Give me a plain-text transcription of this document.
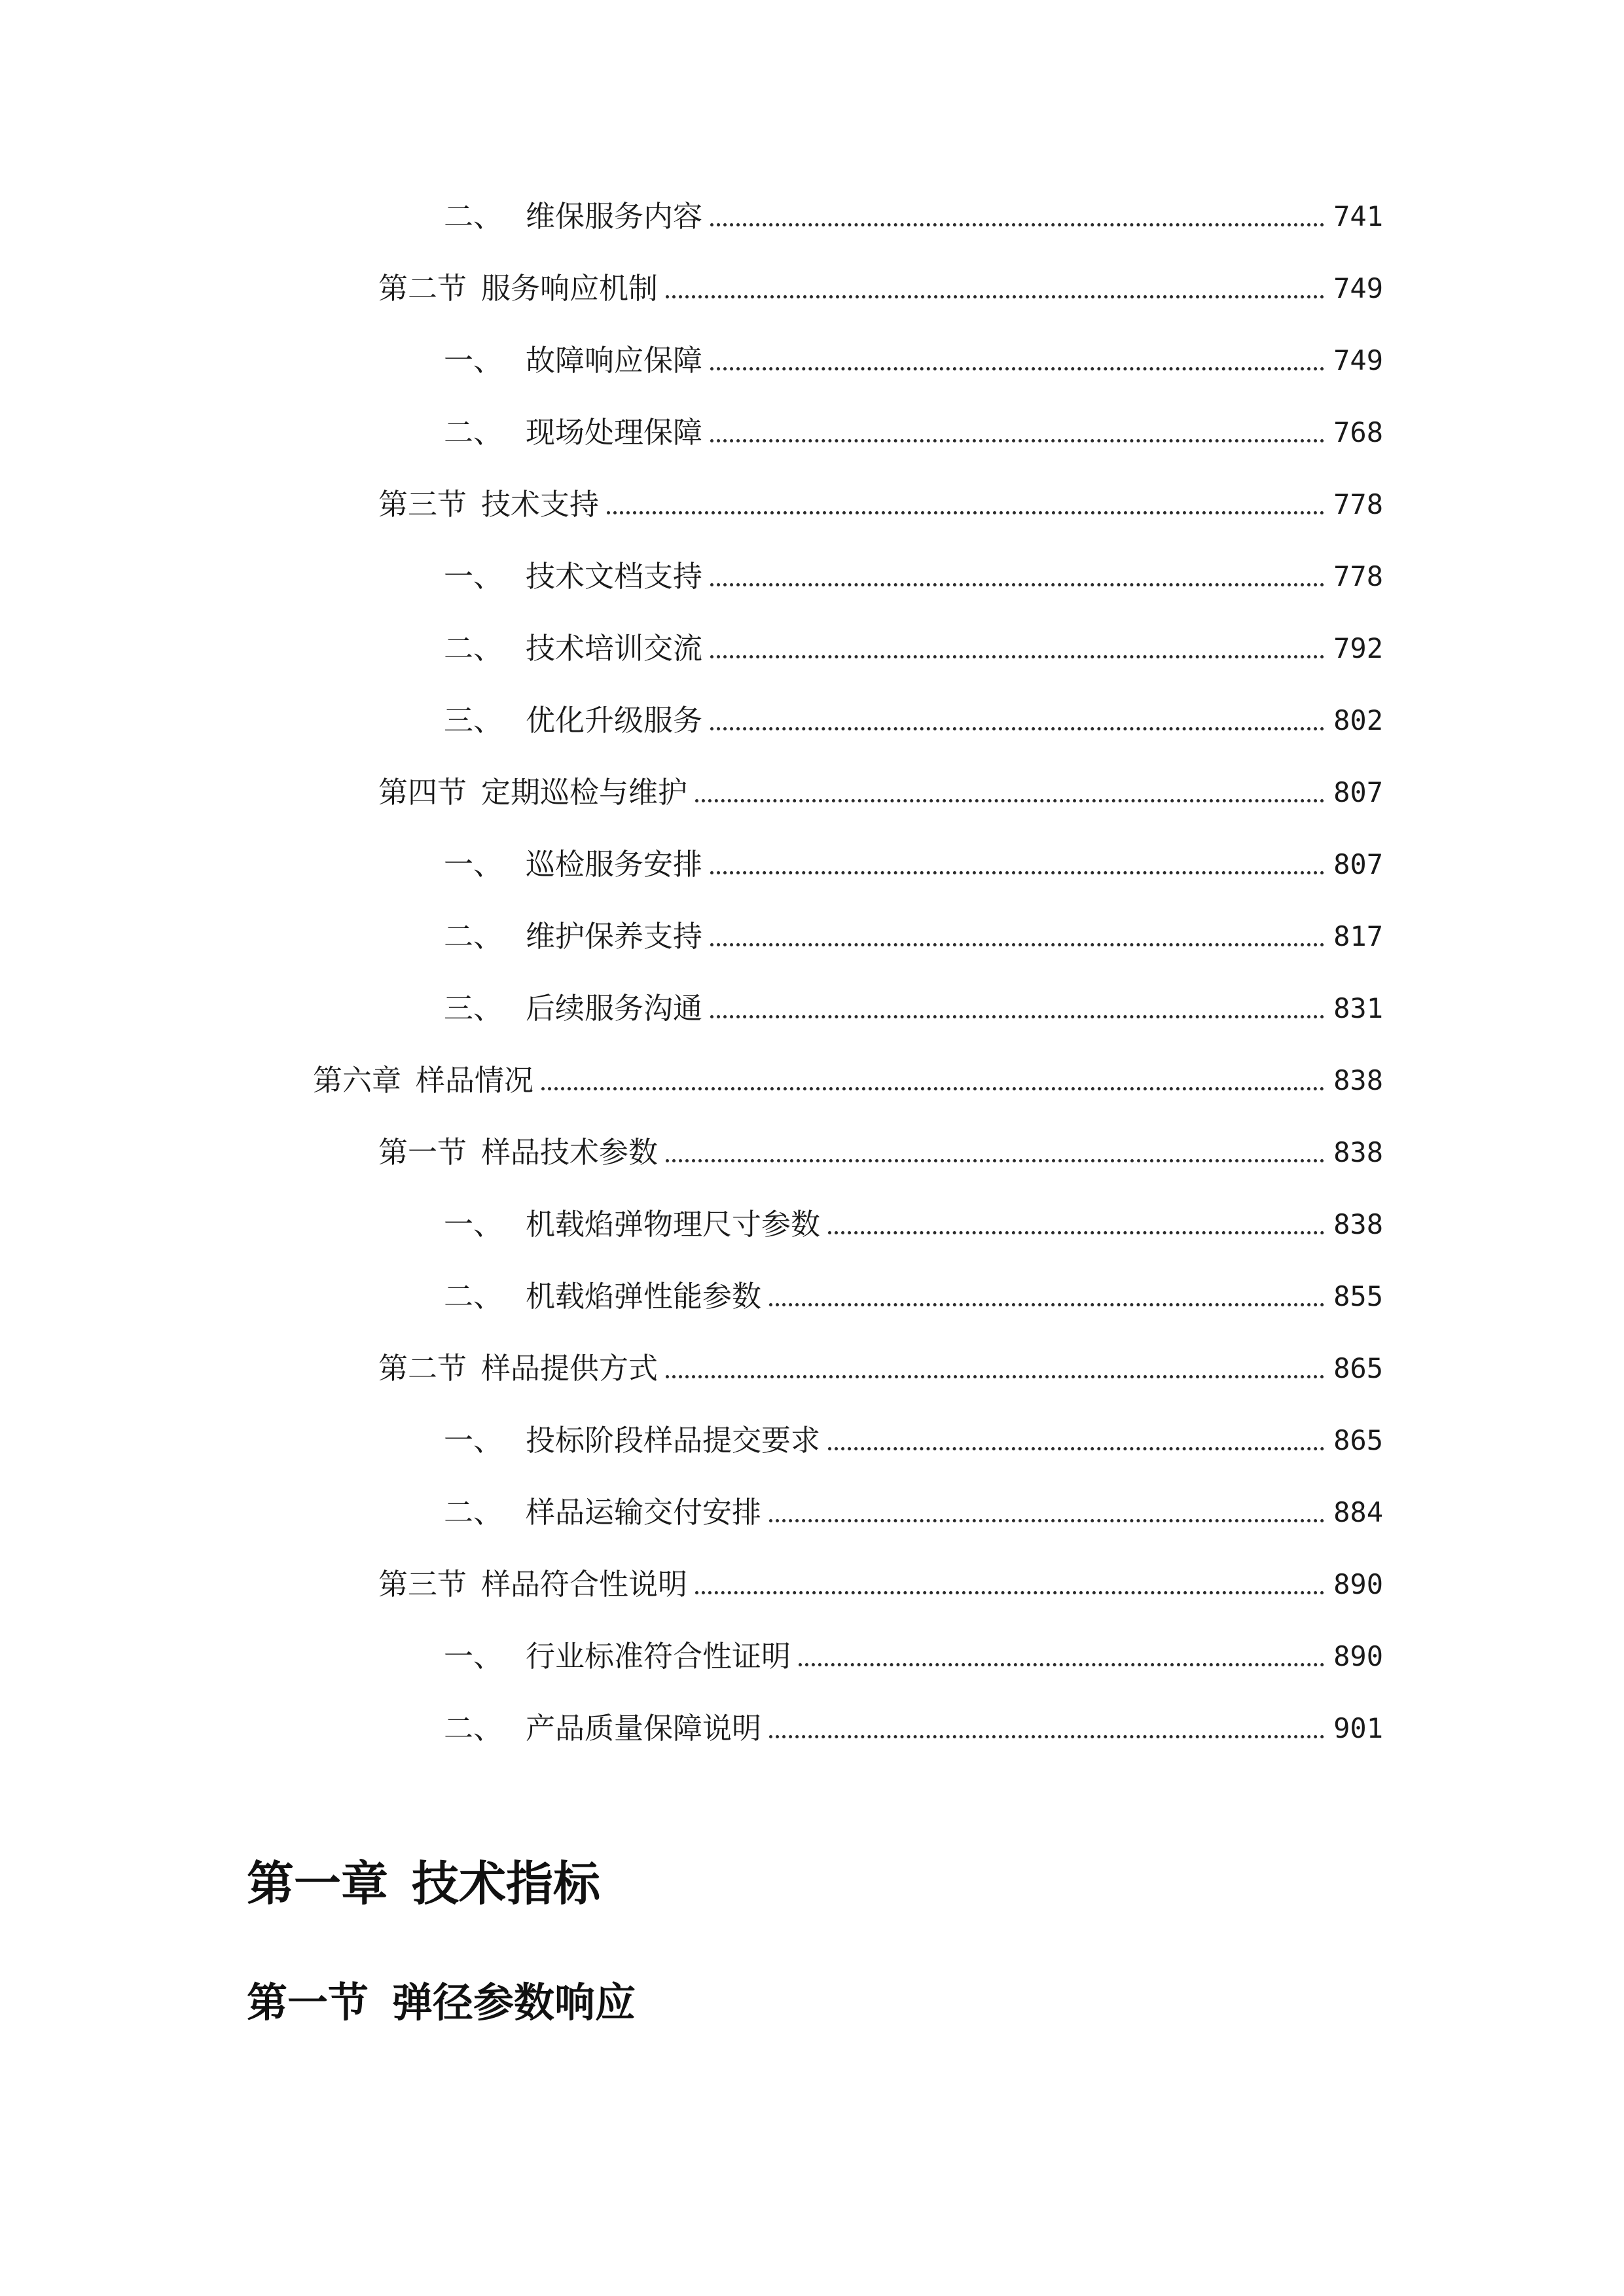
二、 维保服务内容	741
第二节 服务响应机制	749
一、 故障响应保障	749
二、 现场处理保障	768
第三节 技术支持	778
一、 技术文档支持	778
二、 技术培训交流	792
三、 优化升级服务	802
第四节 定期巡检与维护	807
一、 巡检服务安排	807
二、 维护保养支持	817
三、 后续服务沟通	831
第六章 样品情况	838
第一节 样品技术参数	838
一、 机载焰弹物理尺寸参数	838
二、 机载焰弹性能参数	855
第二节 样品提供方式	865
一、 投标阶段样品提交要求	865
二、 样品运输交付安排	884
第三节 样品符合性说明	890
一、 行业标准符合性证明	890
二、 产品质量保障说明	901
第一章 技术指标
第一节 弹径参数响应
